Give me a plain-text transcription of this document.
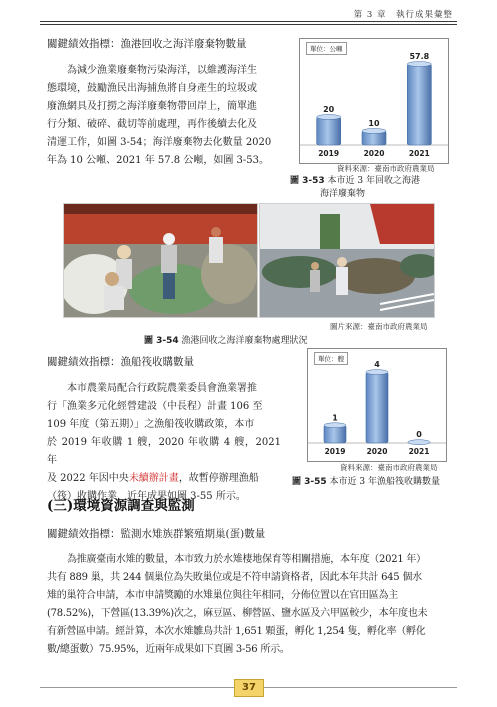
第 3 章　執行成果彙整
關鍵績效指標：漁港回收之海洋廢棄物數量

為減少漁業廢棄物污染海洋，以維護海洋生

態環境，鼓勵漁民出海捕魚將自身產生的垃圾或

廢漁網具及打撈之海洋廢棄物帶回岸上，簡單進

行分類、破碎、截切等前處理，再作後續去化及

清運工作，如圖 3-54；海洋廢棄物去化數量 2020

年為 10 公噸、2021 年 57.8 公噸，如圖 3-53。

20
2019
10
2020
57.8
2021
單位：公噸
資料來源：臺南市政府農業局
圖 3-53 本市近 3 年回收之海港
海洋廢棄物
圖片來源：臺南市政府農業局
圖 3-54 漁港回收之海洋廢棄物處理狀況
關鍵績效指標：漁船筏收購數量

本市農業局配合行政院農業委員會漁業署推

行「漁業多元化經營建設（中長程）計畫 106 至

109 年度（第五期）」之漁船筏收購政策，本市

於 2019 年收購 1 艘，2020 年收購 4 艘，2021 年

及 2022 年因中央未續辦計畫，故暫停辦理漁船

（筏）收購作業，近年成果如圖 3-55 所示。

1
2019
4
2020
0
2021
單位：艘
資料來源：臺南市政府農業局
圖 3-55 本市近 3 年漁船筏收購數量
(三)環境資源調查與監測
關鍵績效指標：監測水雉族群繁殖期巢(蛋)數量

為推廣臺南水雉的數量，本市致力於水雉棲地保育等相關措施，本年度（2021 年）

共有 889 巢，共 244 個巢位為失敗巢位或是不符申請資格者，因此本年共計 645 個水

雉的巢符合申請，本市申請獎勵的水雉巢位與往年相同，分佈位置以在官田區為主

(78.52%)，下營區(13.39%)次之，麻豆區、柳營區、鹽水區及六甲區較少，本年度也未

有新營區申請。經計算，本次水雉雛鳥共計 1,651 顆蛋，孵化 1,254 隻，孵化率（孵化

數/總蛋數）75.95%，近兩年成果如下頁圖 3-56 所示。

37
